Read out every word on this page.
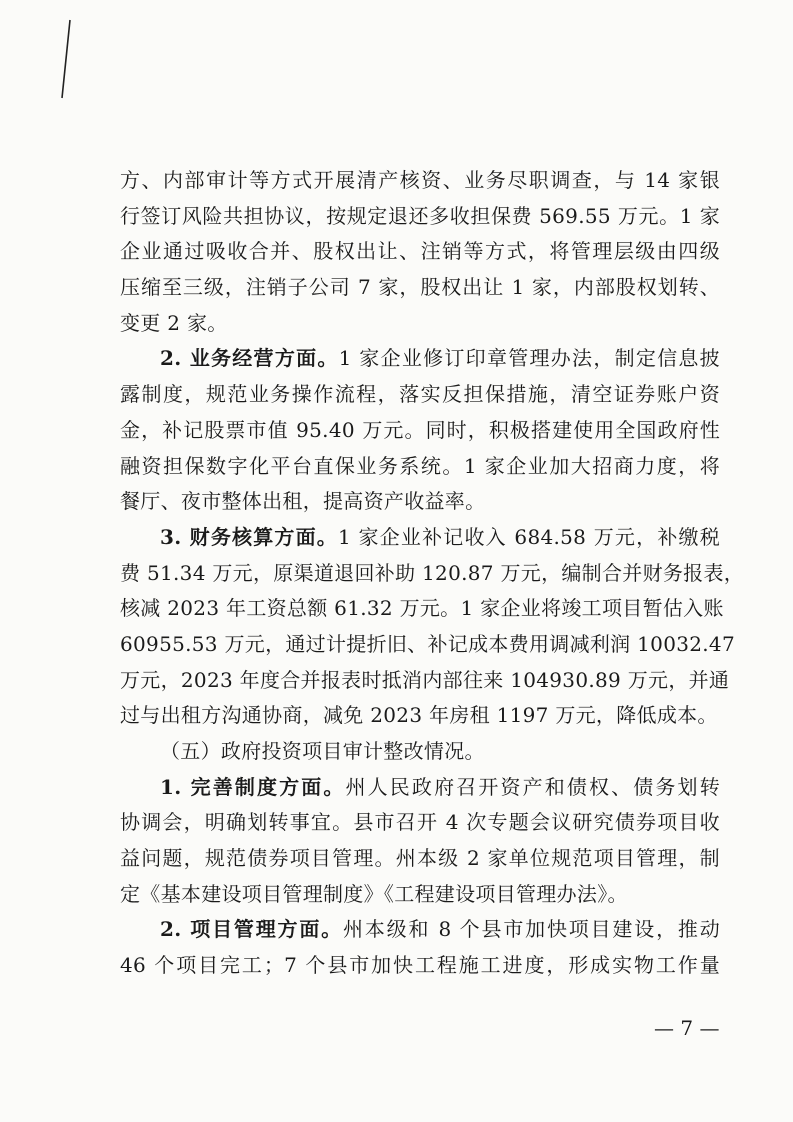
方、内部审计等方式开展清产核资、业务尽职调查，与 14 家银
行签订风险共担协议，按规定退还多收担保费 569.55 万元。1 家
企业通过吸收合并、股权出让、注销等方式，将管理层级由四级
压缩至三级，注销子公司 7 家，股权出让 1 家，内部股权划转、
变更 2 家。
2. 业务经营方面。1 家企业修订印章管理办法，制定信息披
露制度，规范业务操作流程，落实反担保措施，清空证券账户资
金，补记股票市值 95.40 万元。同时，积极搭建使用全国政府性
融资担保数字化平台直保业务系统。1 家企业加大招商力度，将
餐厅、夜市整体出租，提高资产收益率。
3. 财务核算方面。1 家企业补记收入 684.58 万元，补缴税
费 51.34 万元，原渠道退回补助 120.87 万元，编制合并财务报表，
核减 2023 年工资总额 61.32 万元。1 家企业将竣工项目暂估入账
60955.53 万元，通过计提折旧、补记成本费用调减利润 10032.47
万元，2023 年度合并报表时抵消内部往来 104930.89 万元，并通
过与出租方沟通协商，减免 2023 年房租 1197 万元，降低成本。
（五）政府投资项目审计整改情况。
1. 完善制度方面。州人民政府召开资产和债权、债务划转
协调会，明确划转事宜。县市召开 4 次专题会议研究债券项目收
益问题，规范债券项目管理。州本级 2 家单位规范项目管理，制
定《基本建设项目管理制度》《工程建设项目管理办法》。
2. 项目管理方面。州本级和 8 个县市加快项目建设，推动
46 个项目完工；7 个县市加快工程施工进度，形成实物工作量
— 7 —
